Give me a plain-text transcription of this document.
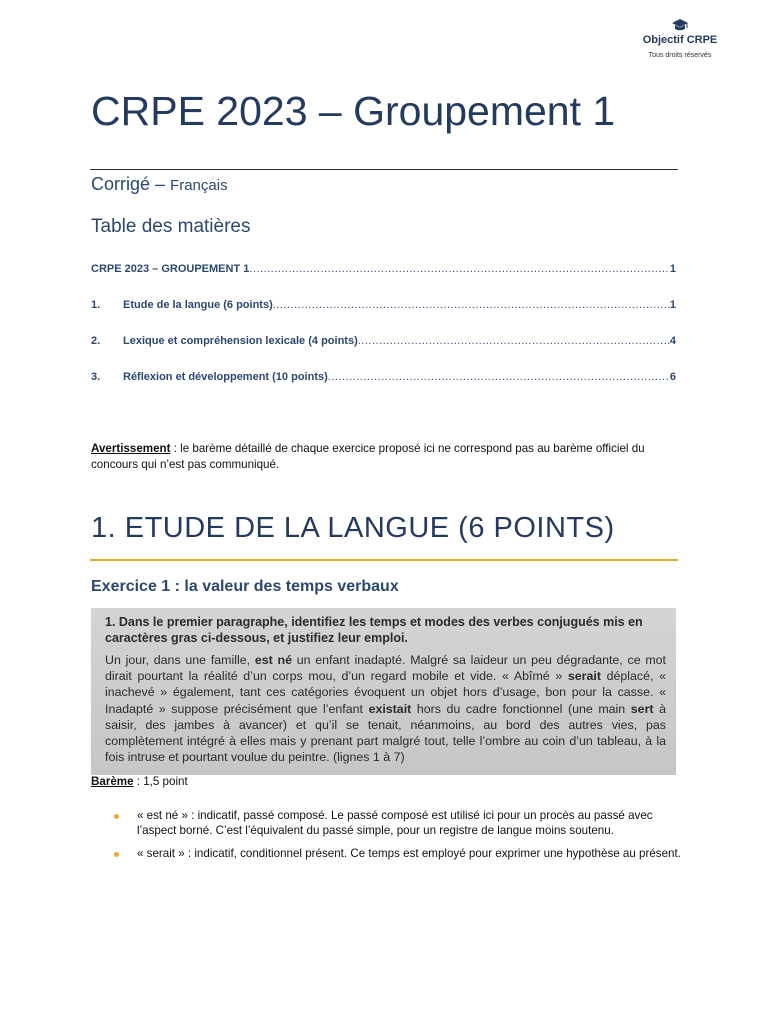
Objectif CRPE
Tous droits réservés
CRPE 2023 – Groupement 1
Corrigé – Français
Table des matières
CRPE 2023 – GROUPEMENT 1 .....	1
1.	Etude de la langue (6 points) .....	1
2.	Lexique et compréhension lexicale (4 points) .....	4
3.	Réflexion et développement (10 points) .....	6
Avertissement : le barème détaillé de chaque exercice proposé ici ne correspond pas au barème officiel du concours qui n’est pas communiqué.
1. ETUDE DE LA LANGUE (6 POINTS)
Exercice 1 : la valeur des temps verbaux
1. Dans le premier paragraphe, identifiez les temps et modes des verbes conjugués mis en caractères gras ci-dessous, et justifiez leur emploi.
Un jour, dans une famille, est né un enfant inadapté. Malgré sa laideur un peu dégradante, ce mot dirait pourtant la réalité d’un corps mou, d’un regard mobile et vide. « Abîmé » serait déplacé, « inachevé » également, tant ces catégories évoquent un objet hors d’usage, bon pour la casse. « Inadapté » suppose précisément que l’enfant existait hors du cadre fonctionnel (une main sert à saisir, des jambes à avancer) et qu’il se tenait, néanmoins, au bord des autres vies, pas complètement intégré à elles mais y prenant part malgré tout, telle l’ombre au coin d’un tableau, à la fois intruse et pourtant voulue du peintre. (lignes 1 à 7)
Barème : 1,5 point
« est né » : indicatif, passé composé. Le passé composé est utilisé ici pour un procès au passé avec l’aspect borné. C’est l’équivalent du passé simple, pour un registre de langue moins soutenu.
« serait » : indicatif, conditionnel présent. Ce temps est employé pour exprimer une hypothèse au présent.
